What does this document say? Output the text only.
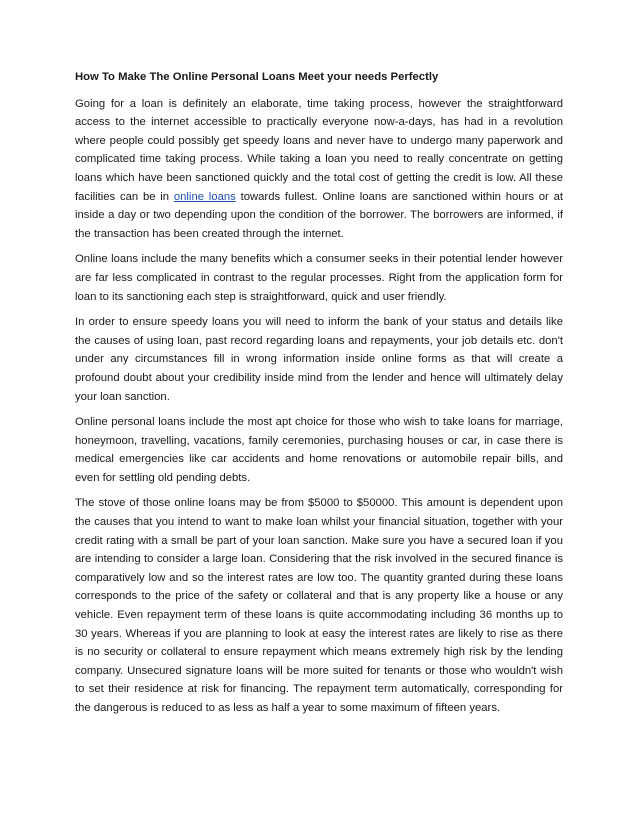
How To Make The Online Personal Loans Meet your needs Perfectly

Going for a loan is definitely an elaborate, time taking process, however the straightforward access to the internet accessible to practically everyone now-a-days, has had in a revolution where people could possibly get speedy loans and never have to undergo many paperwork and complicated time taking process. While taking a loan you need to really concentrate on getting loans which have been sanctioned quickly and the total cost of getting the credit is low. All these facilities can be in online loans towards fullest. Online loans are sanctioned within hours or at inside a day or two depending upon the condition of the borrower. The borrowers are informed, if the transaction has been created through the internet.

Online loans include the many benefits which a consumer seeks in their potential lender however are far less complicated in contrast to the regular processes. Right from the application form for loan to its sanctioning each step is straightforward, quick and user friendly.

In order to ensure speedy loans you will need to inform the bank of your status and details like the causes of using loan, past record regarding loans and repayments, your job details etc. don't under any circumstances fill in wrong information inside online forms as that will create a profound doubt about your credibility inside mind from the lender and hence will ultimately delay your loan sanction.

Online personal loans include the most apt choice for those who wish to take loans for marriage, honeymoon, travelling, vacations, family ceremonies, purchasing houses or car, in case there is medical emergencies like car accidents and home renovations or automobile repair bills, and even for settling old pending debts.

The stove of those online loans may be from $5000 to $50000. This amount is dependent upon the causes that you intend to want to make loan whilst your financial situation, together with your credit rating with a small be part of your loan sanction. Make sure you have a secured loan if you are intending to consider a large loan. Considering that the risk involved in the secured finance is comparatively low and so the interest rates are low too. The quantity granted during these loans corresponds to the price of the safety or collateral and that is any property like a house or any vehicle. Even repayment term of these loans is quite accommodating including 36 months up to 30 years. Whereas if you are planning to look at easy the interest rates are likely to rise as there is no security or collateral to ensure repayment which means extremely high risk by the lending company. Unsecured signature loans will be more suited for tenants or those who wouldn't wish to set their residence at risk for financing. The repayment term automatically, corresponding for the dangerous is reduced to as less as half a year to some maximum of fifteen years.
